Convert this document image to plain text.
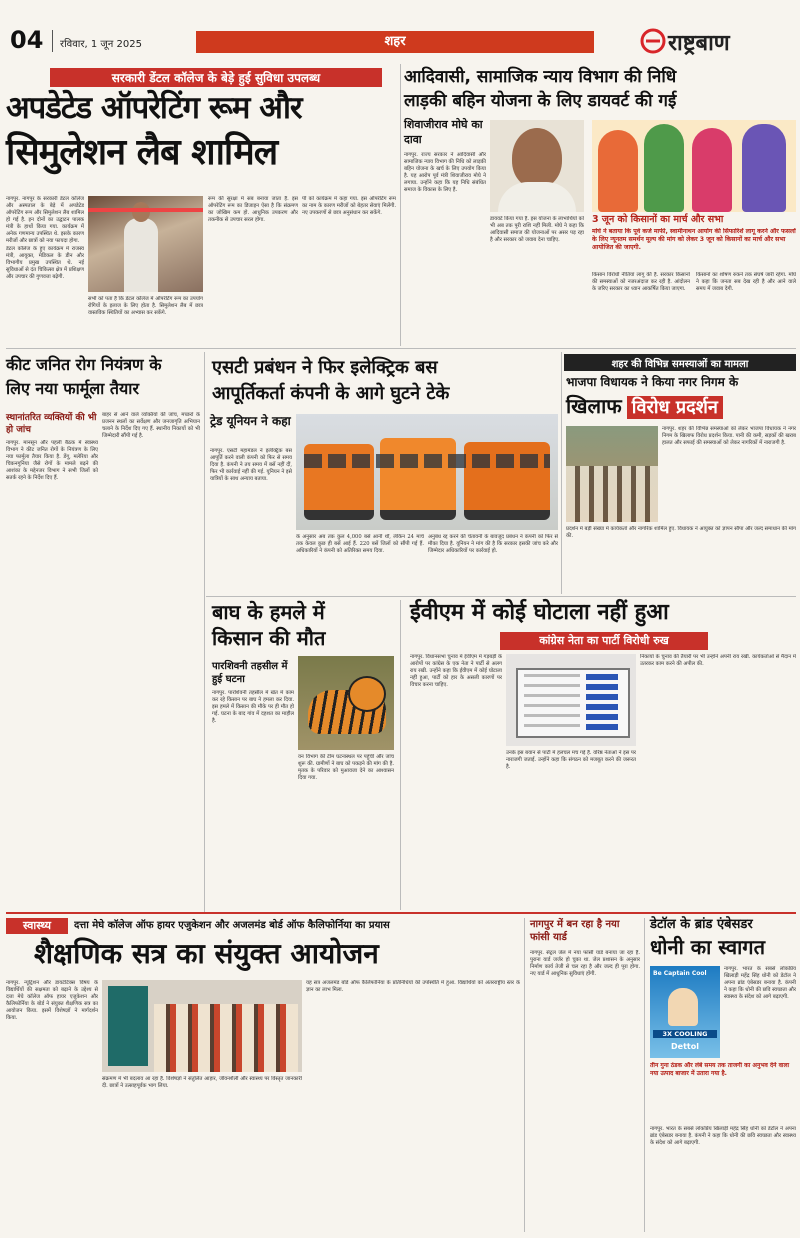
04 रविवार, 1 जून 2025	शहर	राष्ट्रबाण
सरकारी डेंटल कॉलेज के बेड़े हुई सुविधा उपलब्ध
अपडेटेड ऑपरेटिंग रूम और
सिमुलेशन लैब शामिल
नागपुर. नागपुर के सरकारी डेंटल कॉलेज और अस्पताल के बेड़े में अपडेटेड ऑपरेटिंग रूम और सिमुलेशन लैब शामिल हो गई है. इन दोनों का उद्घाटन पालक मंत्री के हाथों किया गया. कार्यक्रम में अनेक गणमान्य उपस्थित थे. इसके कारण मरीजों और छात्रों को नया फायदा होगा.
डेंटल कॉलेज के हुए कार्यक्रम में राजस्व मंत्री, आयुक्त, मेडिकल के डीन और विभागीय प्रमुख उपस्थित थे. नई सुविधाओं से दंत चिकित्सा क्षेत्र में प्रशिक्षण और उपचार की गुणवत्ता बढ़ेगी.
सभी को पता है कि डेंटल कॉलेज में ऑपरेटिंग रूम का उपयोग रोगियों के इलाज के लिए होता है. सिमुलेशन लैब में छात्र वास्तविक स्थितियों का अभ्यास कर सकेंगे.
रूम की सुरक्षा में सब बनाया जाता है. इस ऑपरेटिंग रूम का डिजाइन ऐसा है कि संक्रमण का जोखिम कम हो. आधुनिक उपकरण और तकनीक से उपचार सरल होगा.
पी को कार्यक्रम में कहा गया. इस ऑपरेटिंग रूम का नाम के कारण मरीजों को बेहतर सेवाएं मिलेंगी. नए उपकरणों से छात्र अनुसंधान कर सकेंगे.
आदिवासी, सामाजिक न्याय विभाग की निधि
लाड़की बहिन योजना के लिए डायवर्ट की गई
शिवाजीराव मोघे का दावा
नागपुर. राज्य सरकार ने आदिवासी और सामाजिक न्याय विभाग की निधि को लाड़की बहिन योजना के खर्च के लिए उपयोग किया है. यह आरोप पूर्व मंत्री शिवाजीराव मोघे ने लगाया. उन्होंने कहा कि यह निधि संबंधित समाज के विकास के लिए है.
डायवर्ट किया गया है. इस योजना के लाभार्थियों को भी अब तक पूरी राशि नहीं मिली. मोघे ने कहा कि आदिवासी समाज की योजनाओं पर असर पड़ रहा है और सरकार को जवाब देना चाहिए.
3 जून को किसानों का मार्च और सभा
मोघे ने बताया कि पूर्व कर्ज माफी, स्वामीनाथन आयोग की सिफारिशें लागू करने और फसलों के लिए न्यूनतम समर्थन मूल्य की मांग को लेकर 3 जून को किसानों का मार्च और सभा आयोजित की जाएगी.
किसान विरोधी नीतियां लागू की हैं. सरकार किसानों की समस्याओं को नजरअंदाज कर रही है. आंदोलन के जरिए सरकार का ध्यान आकर्षित किया जाएगा.
किसानों का शोषण रुकने तक संघर्ष जारी रहेगा. मोघे ने कहा कि जनता सब देख रही है और आने वाले समय में जवाब देगी.
कीट जनित रोग नियंत्रण के
लिए नया फार्मूला तैयार
स्थानांतरित व्यक्तियों की भी हो जांच
नागपुर. मानसून और पहली बैठक में स्वास्थ्य विभाग ने कीट जनित रोगों के नियंत्रण के लिए नया फार्मूला तैयार किया है. डेंगू, मलेरिया और चिकनगुनिया जैसे रोगों के मामले बढ़ने की आशंका के मद्देनजर विभाग ने सभी जिलों को सतर्क रहने के निर्देश दिए हैं.
बाहर से आने वाले व्यक्तियों की जांच, मच्छरों के प्रजनन स्थलों का सर्वेक्षण और जनजागृति अभियान चलाने के निर्देश दिए गए हैं. स्थानीय निकायों को भी जिम्मेदारी सौंपी गई है.
एसटी प्रबंधन ने फिर इलेक्ट्रिक बस
आपूर्तिकर्ता कंपनी के आगे घुटने टेके
ट्रेड यूनियन ने कहा
नागपुर. एसटी महामंडल ने इलेक्ट्रिक बस आपूर्ति करने वाली कंपनी को फिर से समय दिया है. कंपनी ने तय समय में बसें नहीं दीं, फिर भी कार्रवाई नहीं की गई. यूनियन ने इसे यात्रियों के साथ अन्याय बताया.
के अनुसार अब तक कुल 4,000 बसें आनी थीं, लेकिन 24 मार्च तक केवल कुछ ही बसें आई हैं. 220 बसें जिलों को सौंपी गई हैं. अधिकारियों ने कंपनी को अतिरिक्त समय दिया.
अनुबंध रद्द करने की चेतावनी के बावजूद प्रबंधन ने कंपनी को फिर से मौका दिया है. यूनियन ने मांग की है कि सरकार इसकी जांच करे और जिम्मेदार अधिकारियों पर कार्रवाई हो.
शहर की विभिन्न समस्याओं का मामला
भाजपा विधायक ने किया नगर निगम के
खिलाफ विरोध प्रदर्शन
नागपुर. शहर की विभिन्न समस्याओं को लेकर भाजपा विधायक ने नगर निगम के खिलाफ विरोध प्रदर्शन किया. पानी की कमी, सड़कों की खराब हालत और सफाई की समस्याओं को लेकर नागरिकों में नाराजगी है.
प्रदर्शन में बड़ी संख्या में कार्यकर्ता और नागरिक शामिल हुए. विधायक ने आयुक्त को ज्ञापन सौंपा और जल्द समाधान की मांग की.
बाघ के हमले में
किसान की मौत
पारशिवनी तहसील में हुई घटना
नागपुर. पारशिवनी तहसील में खेत में काम कर रहे किसान पर बाघ ने हमला कर दिया. इस हमले में किसान की मौके पर ही मौत हो गई. घटना के बाद गांव में दहशत का माहौल है.
वन विभाग की टीम घटनास्थल पर पहुंची और जांच शुरू की. ग्रामीणों ने बाघ को पकड़ने की मांग की है. मृतक के परिवार को मुआवजा देने का आश्वासन दिया गया.
ईवीएम में कोई घोटाला नहीं हुआ
कांग्रेस नेता का पार्टी विरोधी रुख
नागपुर. विधानसभा चुनाव में ईवीएम में गड़बड़ी के आरोपों पर कांग्रेस के एक नेता ने पार्टी से अलग राय रखी. उन्होंने कहा कि ईवीएम में कोई घोटाला नहीं हुआ, पार्टी को हार के असली कारणों पर विचार करना चाहिए.
उनके इस बयान से पार्टी में हलचल मच गई है. वरिष्ठ नेताओं ने इस पर नाराजगी जताई. उन्होंने कहा कि संगठन को मजबूत करने की जरूरत है.
निकायों के चुनाव की तैयारी पर भी उन्होंने अपनी राय रखी. कार्यकर्ताओं से मैदान में उतरकर काम करने की अपील की.
स्वास्थ्य	दत्ता मेघे कॉलेज ऑफ हायर एजुकेशन और अजलमंड बोर्ड ऑफ कैलिफोर्निया का प्रयास
शैक्षणिक सत्र का संयुक्त आयोजन
नागपुर. न्यूट्रिशन और डायटेटिक्स विषय के विद्यार्थियों की सक्षमता को बढ़ाने के उद्देश्य से दत्ता मेघे कॉलेज ऑफ हायर एजुकेशन और कैलिफोर्निया के बोर्ड ने संयुक्त शैक्षणिक सत्र का आयोजन किया. इसमें विशेषज्ञों ने मार्गदर्शन किया.
संक्रमण में भी बदलाव आ रहा है. विशेषज्ञों ने संतुलित आहार, जीवनशैली और स्वास्थ्य पर विस्तृत जानकारी दी. छात्रों ने उत्साहपूर्वक भाग लिया.
यह सत्र अजलमंड बोर्ड ऑफ कैलिफोर्निया के प्रतिनिधियों की उपस्थिति में हुआ. विद्यार्थियों को अंतरराष्ट्रीय स्तर के ज्ञान का लाभ मिला.
नागपुर में बन रहा है नया फांसी यार्ड
नागपुर. सेंट्रल जेल में नया फांसी यार्ड बनाया जा रहा है. पुराना यार्ड जर्जर हो चुका था. जेल प्रशासन के अनुसार निर्माण कार्य तेजी से चल रहा है और जल्द ही पूरा होगा. नए यार्ड में आधुनिक सुविधाएं होंगी.
डेटॉल के ब्रांड एंबेसडर
धोनी का स्वागत
Be Captain Cool
3X COOLING
Dettol
नागपुर. भारत के सबसे लोकप्रिय खिलाड़ी महेंद्र सिंह धोनी को डेटॉल ने अपना ब्रांड एंबेसडर बनाया है. कंपनी ने कहा कि धोनी की छवि स्वच्छता और स्वास्थ्य के संदेश को आगे बढ़ाएगी.
तीन गुना ठंडक और लंबे समय तक ताजगी का अनुभव देने वाला नया उत्पाद बाजार में उतारा गया है.
नागपुर. भारत के सबसे लोकप्रिय खिलाड़ी महेंद्र सिंह धोनी को डेटॉल ने अपना ब्रांड एंबेसडर बनाया है. कंपनी ने कहा कि धोनी की छवि स्वच्छता और स्वास्थ्य के संदेश को आगे बढ़ाएगी.
